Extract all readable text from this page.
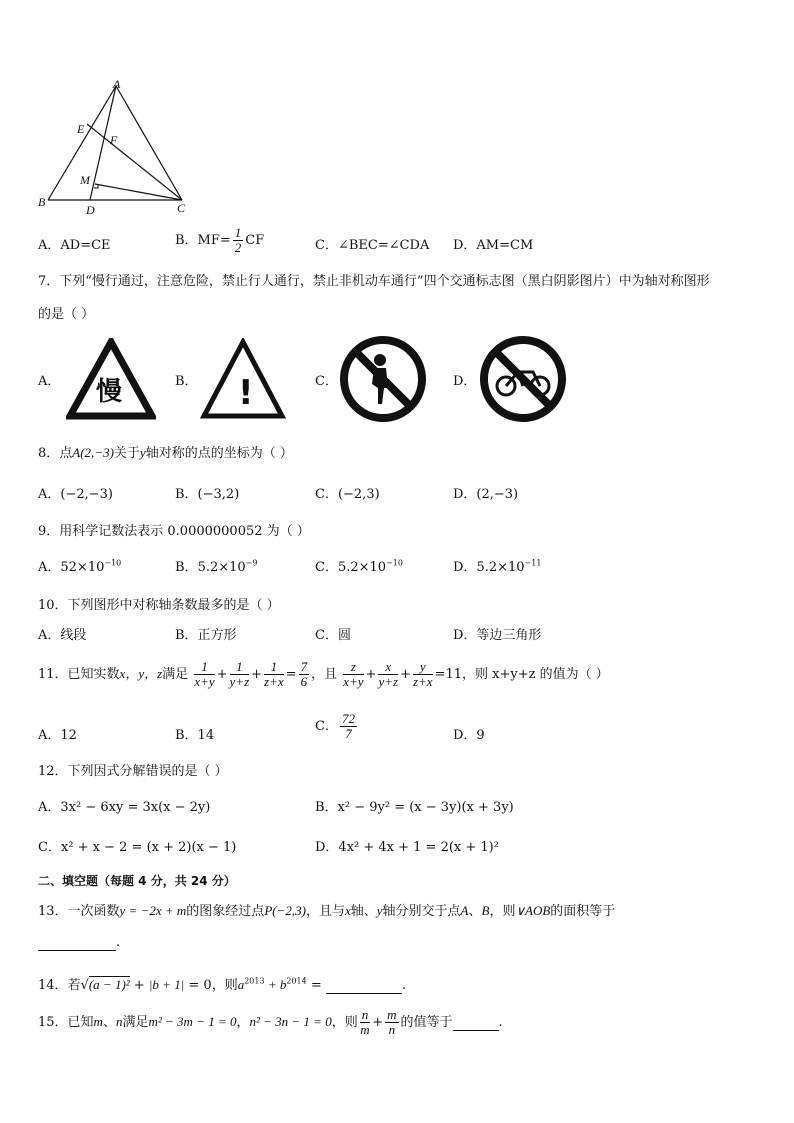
A
E
F
M
B
D	C
A．AD=CE	B．$MF= \frac{1}{2}$ CF	C．∠BEC=∠CDA D．AM=CM
7．下列“慢行通过，注意危险，禁止行人通行，禁止非机动车通行”四个交通标志图（黑白阴影图片）中为轴对称图形
的是（ ）
A． 慢	B． !	C．	D．
8．点A(2,−3)关于y轴对称的点的坐标为（ ）
A．(−2,−3)	B．(−3,2)	C．(−2,3)	D．(2,−3)
9．用科学记数法表示 0.0000000052 为（ ）
A．$52\times 10^{-10}$	B．$5.2\times 10^{-9}$	C．$5.2\times 10^{-10}$	D．$5.2\times 10^{-11}$
10．下列图形中对称轴条数最多的是（ ）
A．线段	B．正方形	C．圆	D．等边三角形
11．已知实数x，y，z满足 $\frac{1}{x+y} + \frac{1}{y+z} + \frac{1}{z+x} = \frac{7}{6}$ ，且 $\frac{z}{x+y} + \frac{x}{y+z} + \frac{y}{z+x} =11$，则 x+y+z 的值为（ ）
A．12	B．14
C． $\frac{72}{7}$	D．9
12．下列因式分解错误的是（ ）
A．3x² − 6xy = 3x(x − 2y)	B．x² − 9y² = (x − 3y)(x + 3y)
C．x² + x − 2 = (x + 2)(x − 1)	D．4x² + 4x + 1 = 2(x + 1)²
二、填空题（每题 4 分，共 24 分）
13．一次函数y = −2x + m的图象经过点P(−2,3)，且与x轴、y轴分别交于点A、B，则∨AOB的面积等于
.
14．若√(a − 1)² + |b + 1| = 0，则$a^{2013} + b^{2014}$ =	.
15．已知m、n满足m² − 3m − 1 = 0，n² − 3n − 1 = 0，则 $\frac{n}{m} + \frac{m}{n}$ 的值等于	.
